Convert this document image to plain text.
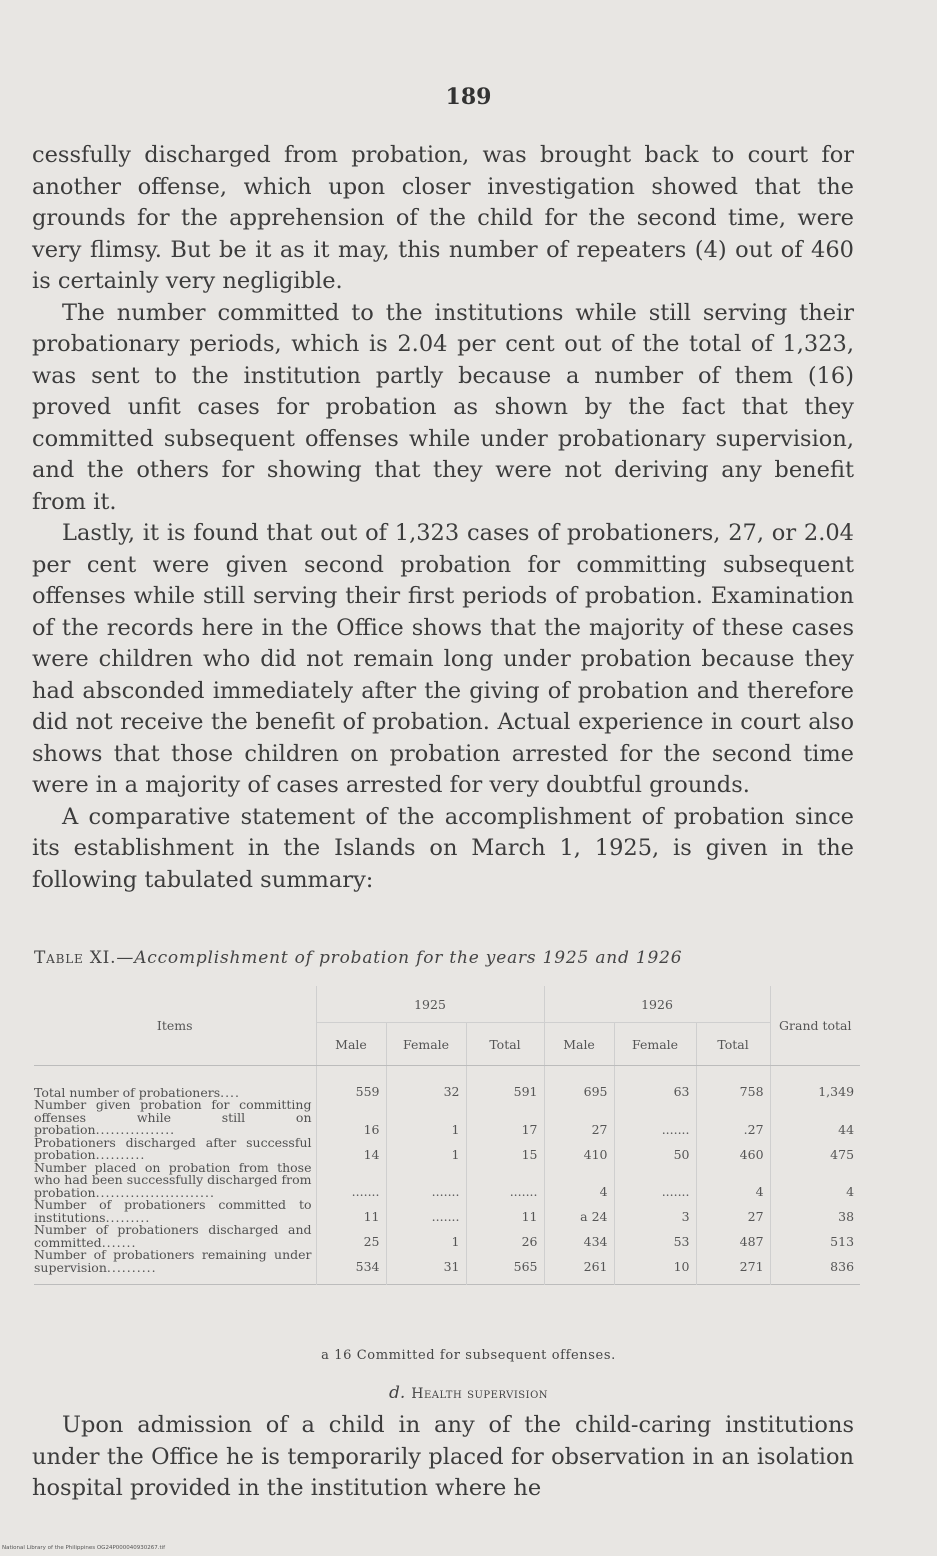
189

cessfully discharged from probation, was brought back to court for another offense, which upon closer investigation showed that the grounds for the apprehension of the child for the second time, were very flimsy. But be it as it may, this number of repeaters (4) out of 460 is certainly very negligible.

The number committed to the institutions while still serving their probationary periods, which is 2.04 per cent out of the total of 1,323, was sent to the institution partly because a number of them (16) proved unfit cases for probation as shown by the fact that they committed subsequent offenses while under probationary supervision, and the others for showing that they were not deriving any benefit from it.

Lastly, it is found that out of 1,323 cases of probationers, 27, or 2.04 per cent were given second probation for committing subsequent offenses while still serving their first periods of probation. Examination of the records here in the Office shows that the majority of these cases were children who did not remain long under probation because they had absconded immediately after the giving of probation and therefore did not receive the benefit of probation. Actual experience in court also shows that those children on probation arrested for the second time were in a majority of cases arrested for very doubtful grounds.

A comparative statement of the accomplishment of probation since its establishment in the Islands on March 1, 1925, is given in the following tabulated summary:

Table XI.—Accomplishment of probation for the years 1925 and 1926
Items	1925			1926			Grand total
	Male	Female	Total	Male	Female	Total	
Total number of probationers....	559	32	591	695	63	758	1,349
Number given probation for committing offenses while still on probation................	16	1	17	27	.......	.27	44
Probationers discharged after successful probation..........	14	1	15	410	50	460	475
Number placed on probation from those who had been successfully discharged from probation........................	.......	.......	.......	4	.......	4	4
Number of probationers committed to institutions.........	11	.......	11	a 24	3	27	38
Number of probationers discharged and committed.......	25	1	26	434	53	487	513
Number of probationers remaining under supervision..........	534	31	565	261	10	271	836
a 16 Committed for subsequent offenses.
d. Health supervision

Upon admission of a child in any of the child-caring institutions under the Office he is temporarily placed for observation in an isolation hospital provided in the institution where he

National Library of the Philippines OG24P000040930267.tif
